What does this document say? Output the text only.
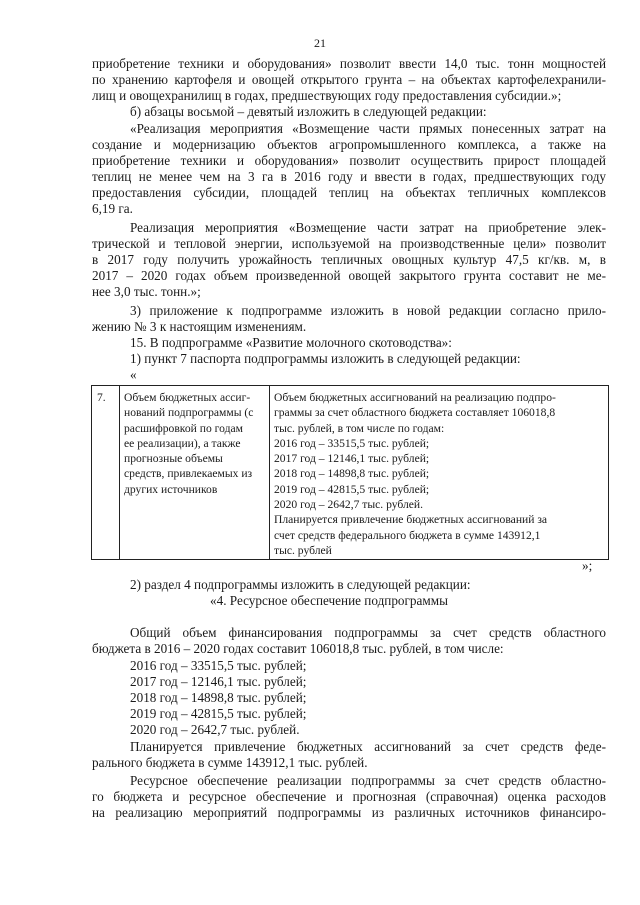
21
приобретение техники и оборудования» позволит ввести 14,0 тыс. тонн мощностей
по хранению картофеля и овощей открытого грунта – на объектах картофелехранили-
лищ и овощехранилищ в годах, предшествующих году предоставления субсидии.»;
б) абзацы восьмой – девятый изложить в следующей редакции:
«Реализация мероприятия «Возмещение части прямых понесенных затрат на
создание и модернизацию объектов агропромышленного комплекса, а также на
приобретение техники и оборудования» позволит осуществить прирост площадей
теплиц не менее чем на 3 га в 2016 году и ввести в годах, предшествующих году
предоставления субсидии, площадей теплиц на объектах тепличных комплексов
6,19 га.
Реализация мероприятия «Возмещение части затрат на приобретение элек-
трической и тепловой энергии, используемой на производственные цели» позволит
в 2017 году получить урожайность тепличных овощных культур 47,5 кг/кв. м, в
2017 – 2020 годах объем произведенной овощей закрытого грунта составит не ме-
нее 3,0 тыс. тонн.»;
3) приложение к подпрограмме изложить в новой редакции согласно прило-
жению № 3 к настоящим изменениям.
15. В подпрограмме «Развитие молочного скотоводства»:
1) пункт 7 паспорта подпрограммы изложить в следующей редакции:
«
7. Объем бюджетных ассиг-
нований подпрограммы (с
расшифровкой по годам
ее реализации), а также
прогнозные объемы
средств, привлекаемых из
других источников
Объем бюджетных ассигнований на реализацию подпро-
граммы за счет областного бюджета составляет 106018,8
тыс. рублей, в том числе по годам:
2016 год – 33515,5 тыс. рублей;
2017 год – 12146,1 тыс. рублей;
2018 год – 14898,8 тыс. рублей;
2019 год – 42815,5 тыс. рублей;
2020 год – 2642,7 тыс. рублей.
Планируется привлечение бюджетных ассигнований за
счет средств федерального бюджета в сумме 143912,1
тыс. рублей
»;
2) раздел 4 подпрограммы изложить в следующей редакции:
«4. Ресурсное обеспечение подпрограммы
Общий объем финансирования подпрограммы за счет средств областного
бюджета в 2016 – 2020 годах составит 106018,8 тыс. рублей, в том числе:
2016 год – 33515,5 тыс. рублей;
2017 год – 12146,1 тыс. рублей;
2018 год – 14898,8 тыс. рублей;
2019 год – 42815,5 тыс. рублей;
2020 год – 2642,7 тыс. рублей.
Планируется привлечение бюджетных ассигнований за счет средств феде-
рального бюджета в сумме 143912,1 тыс. рублей.
Ресурсное обеспечение реализации подпрограммы за счет средств областно-
го бюджета и ресурсное обеспечение и прогнозная (справочная) оценка расходов
на реализацию мероприятий подпрограммы из различных источников финансиро-
